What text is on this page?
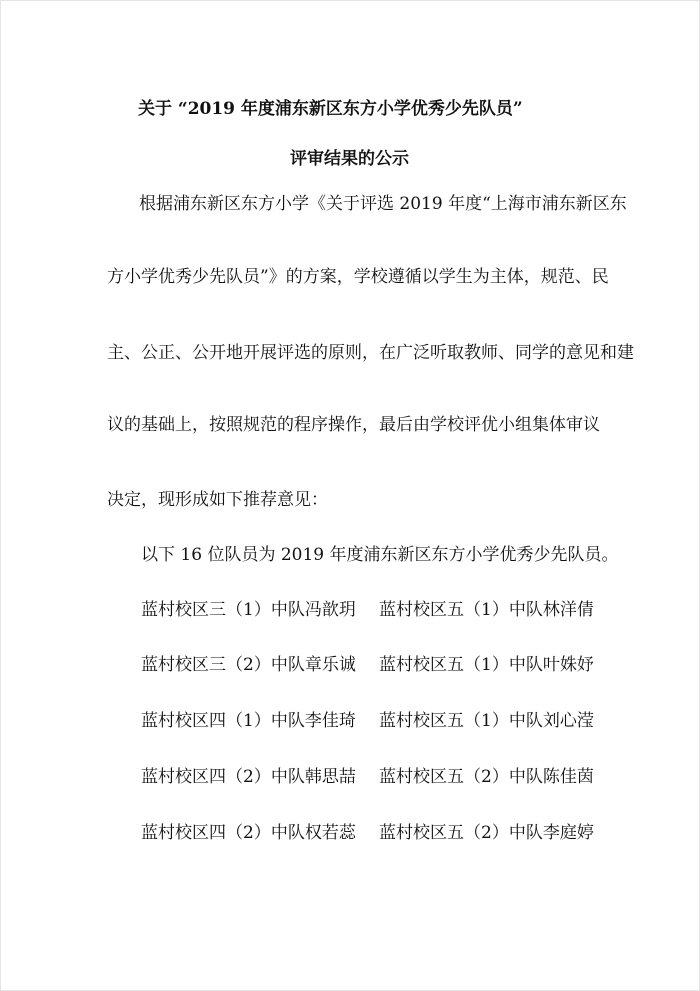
关于 “2019 年度浦东新区东方小学优秀少先队员”

评审结果的公示

根据浦东新区东方小学《关于评选 2019 年度“上海市浦东新区东

方小学优秀少先队员”》的方案，学校遵循以学生为主体，规范、民

主、公正、公开地开展评选的原则，在广泛听取教师、同学的意见和建

议的基础上，按照规范的程序操作，最后由学校评优小组集体审议

决定，现形成如下推荐意见：

以下 16 位队员为 2019 年度浦东新区东方小学优秀少先队员。

蓝村校区三（1）中队冯歆玥 蓝村校区五（1）中队林洋倩

蓝村校区三（2）中队章乐诚 蓝村校区五（1）中队叶姝妤

蓝村校区四（1）中队李佳琦 蓝村校区五（1）中队刘心滢

蓝村校区四（2）中队韩思喆 蓝村校区五（2）中队陈佳茵

蓝村校区四（2）中队权若蕊 蓝村校区五（2）中队李庭婷
